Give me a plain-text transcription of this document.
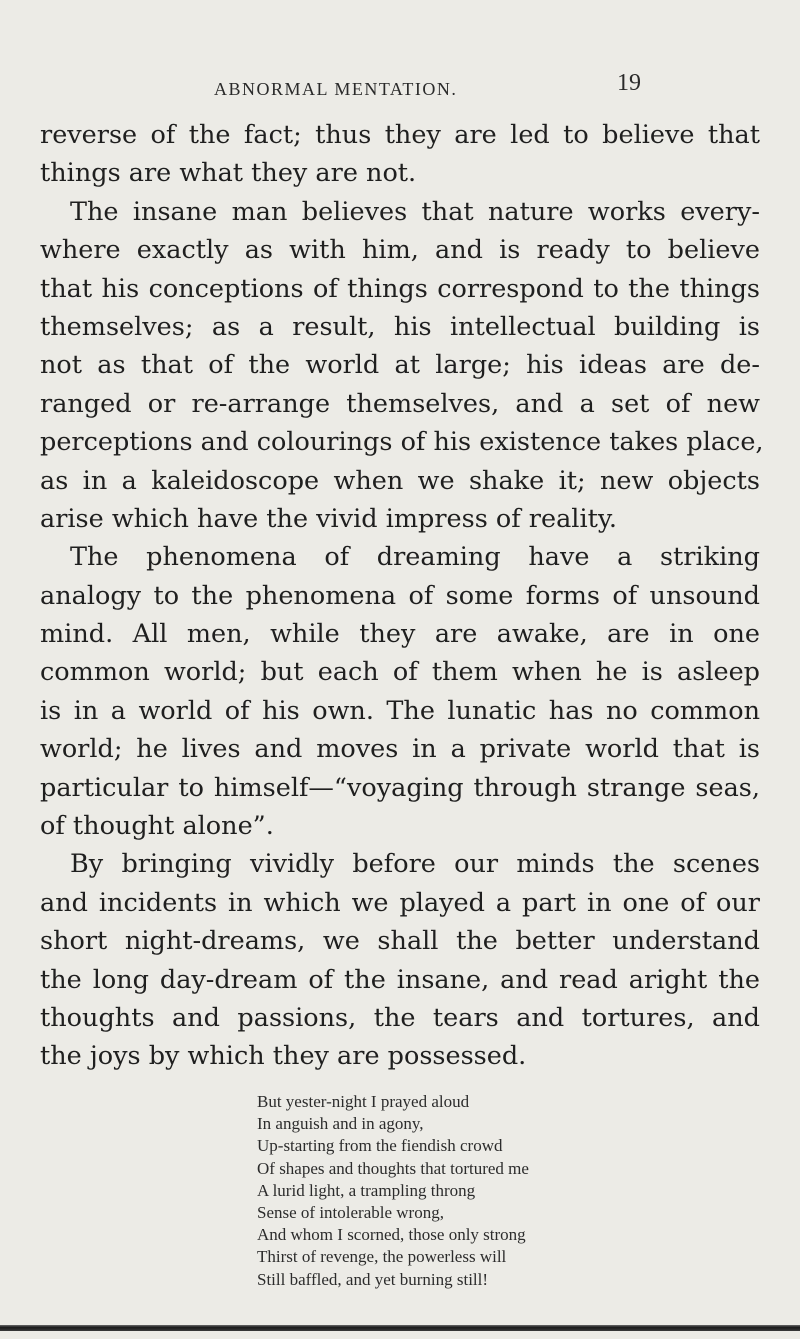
ABNORMAL MENTATION.	19
reverse of the fact; thus they are led to believe that
things are what they are not.
The insane man believes that nature works every-
where exactly as with him, and is ready to believe
that his conceptions of things correspond to the things
themselves; as a result, his intellectual building is
not as that of the world at large; his ideas are de-
ranged or re-arrange themselves, and a set of new
perceptions and colourings of his existence takes place,
as in a kaleidoscope when we shake it; new objects
arise which have the vivid impress of reality.
The phenomena of dreaming have a striking
analogy to the phenomena of some forms of unsound
mind. All men, while they are awake, are in one
common world; but each of them when he is asleep
is in a world of his own. The lunatic has no common
world; he lives and moves in a private world that is
particular to himself—“voyaging through strange seas,
of thought alone”.
By bringing vividly before our minds the scenes
and incidents in which we played a part in one of our
short night-dreams, we shall the better understand
the long day-dream of the insane, and read aright the
thoughts and passions, the tears and tortures, and
the joys by which they are possessed.
But yester-night I prayed aloud
In anguish and in agony,
Up-starting from the fiendish crowd
Of shapes and thoughts that tortured me
A lurid light, a trampling throng
Sense of intolerable wrong,
And whom I scorned, those only strong
Thirst of revenge, the powerless will
Still baffled, and yet burning still!
